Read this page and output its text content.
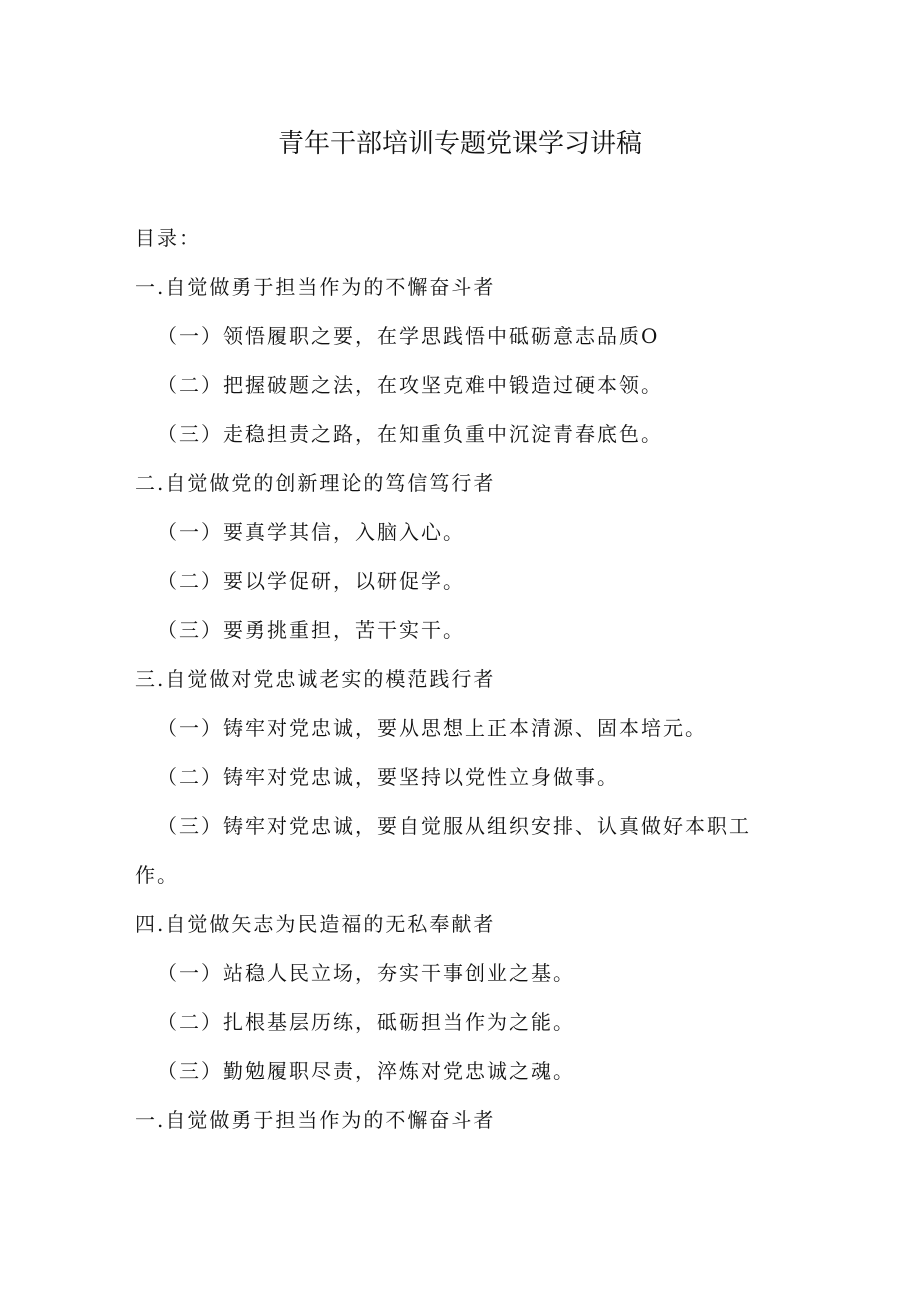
青年干部培训专题党课学习讲稿
目录：
一.自觉做勇于担当作为的不懈奋斗者
（一）领悟履职之要，在学思践悟中砥砺意志品质O
（二）把握破题之法，在攻坚克难中锻造过硬本领。
（三）走稳担责之路，在知重负重中沉淀青春底色。
二.自觉做党的创新理论的笃信笃行者
（一）要真学其信，入脑入心。
（二）要以学促研，以研促学。
（三）要勇挑重担，苦干实干。
三.自觉做对党忠诚老实的模范践行者
（一）铸牢对党忠诚，要从思想上正本清源、固本培元。
（二）铸牢对党忠诚，要坚持以党性立身做事。
（三）铸牢对党忠诚，要自觉服从组织安排、认真做好本职工
作。
四.自觉做矢志为民造福的无私奉献者
（一）站稳人民立场，夯实干事创业之基。
（二）扎根基层历练，砥砺担当作为之能。
（三）勤勉履职尽责，淬炼对党忠诚之魂。
一.自觉做勇于担当作为的不懈奋斗者
